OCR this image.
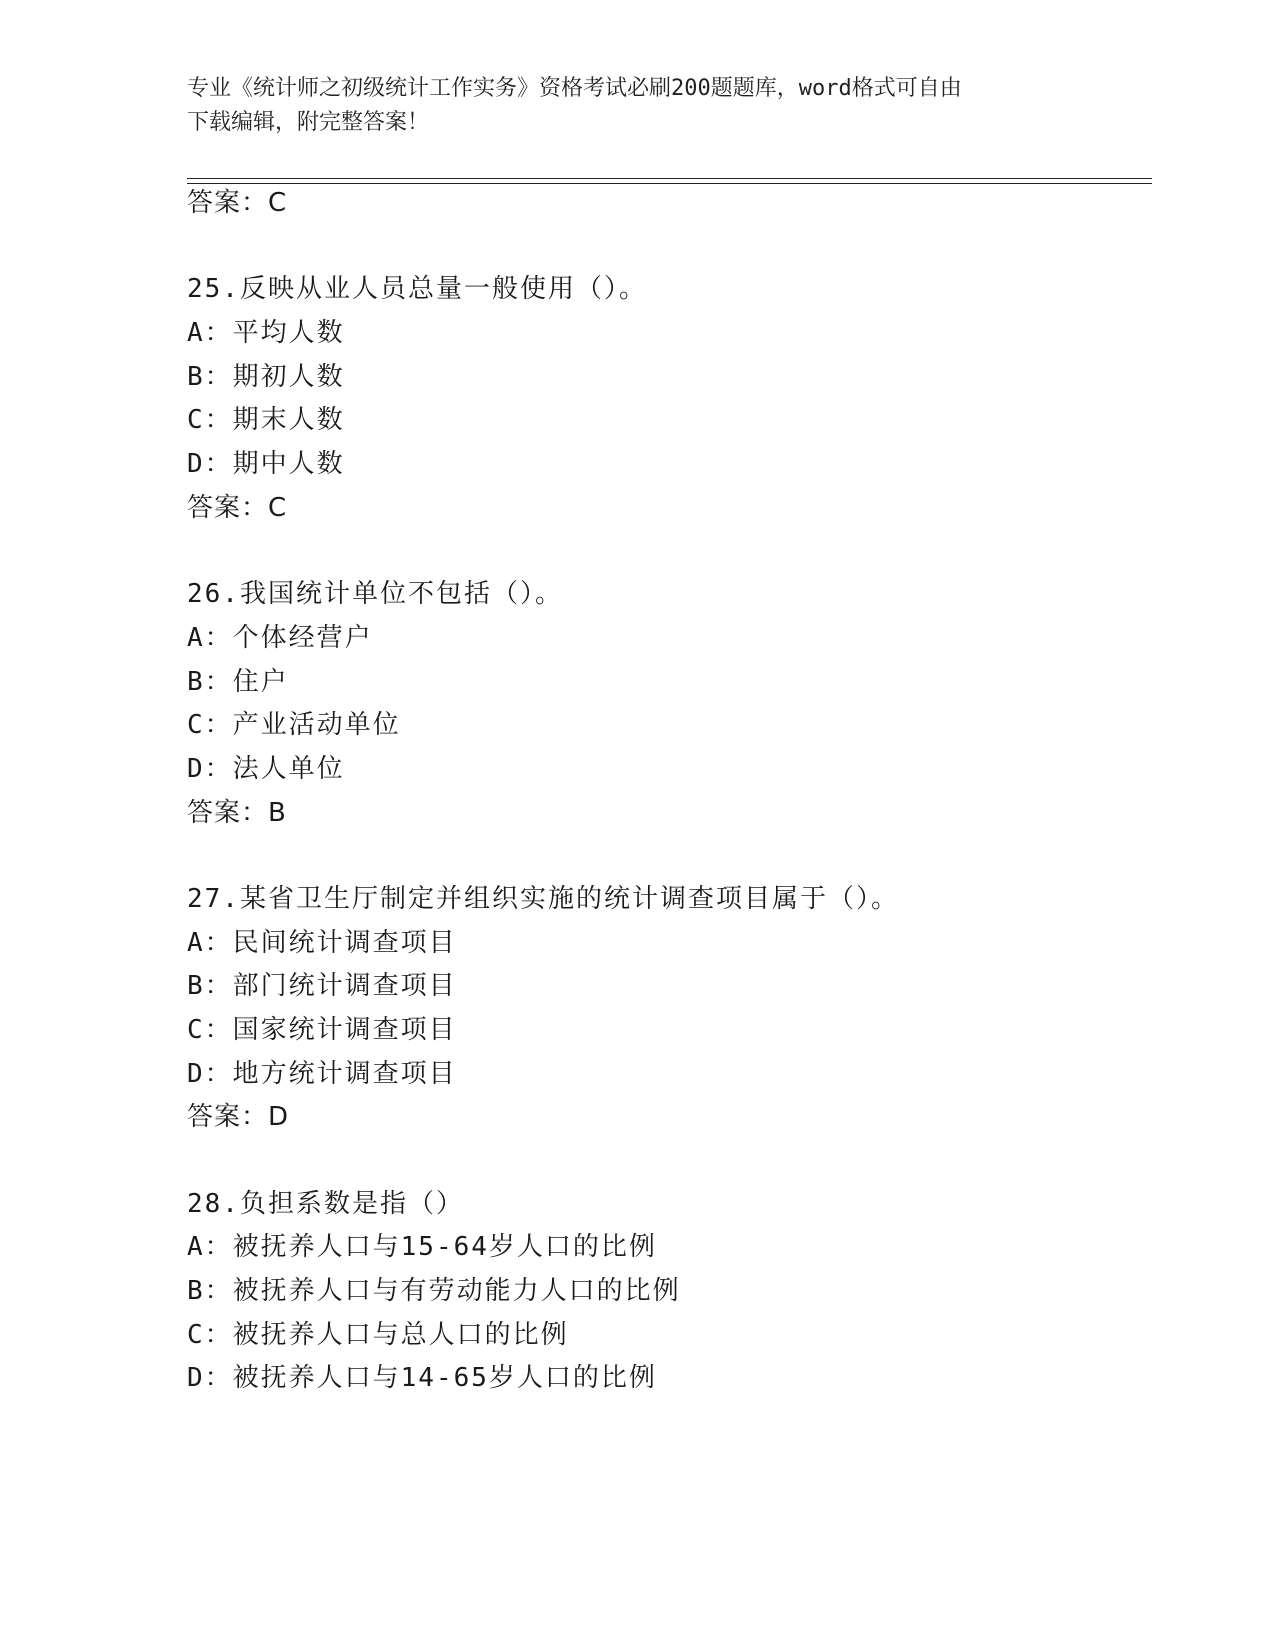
专业《统计师之初级统计工作实务》资格考试必刷200题题库，word格式可自由
下载编辑，附完整答案！
答案：C
25.反映从业人员总量一般使用（）。
A：平均人数
B：期初人数
C：期末人数
D：期中人数
答案：C
26.我国统计单位不包括（）。
A：个体经营户
B：住户
C：产业活动单位
D：法人单位
答案：B
27.某省卫生厅制定并组织实施的统计调查项目属于（）。
A：民间统计调查项目
B：部门统计调查项目
C：国家统计调查项目
D：地方统计调查项目
答案：D
28.负担系数是指（）
A：被抚养人口与15-64岁人口的比例
B：被抚养人口与有劳动能力人口的比例
C：被抚养人口与总人口的比例
D：被抚养人口与14-65岁人口的比例
